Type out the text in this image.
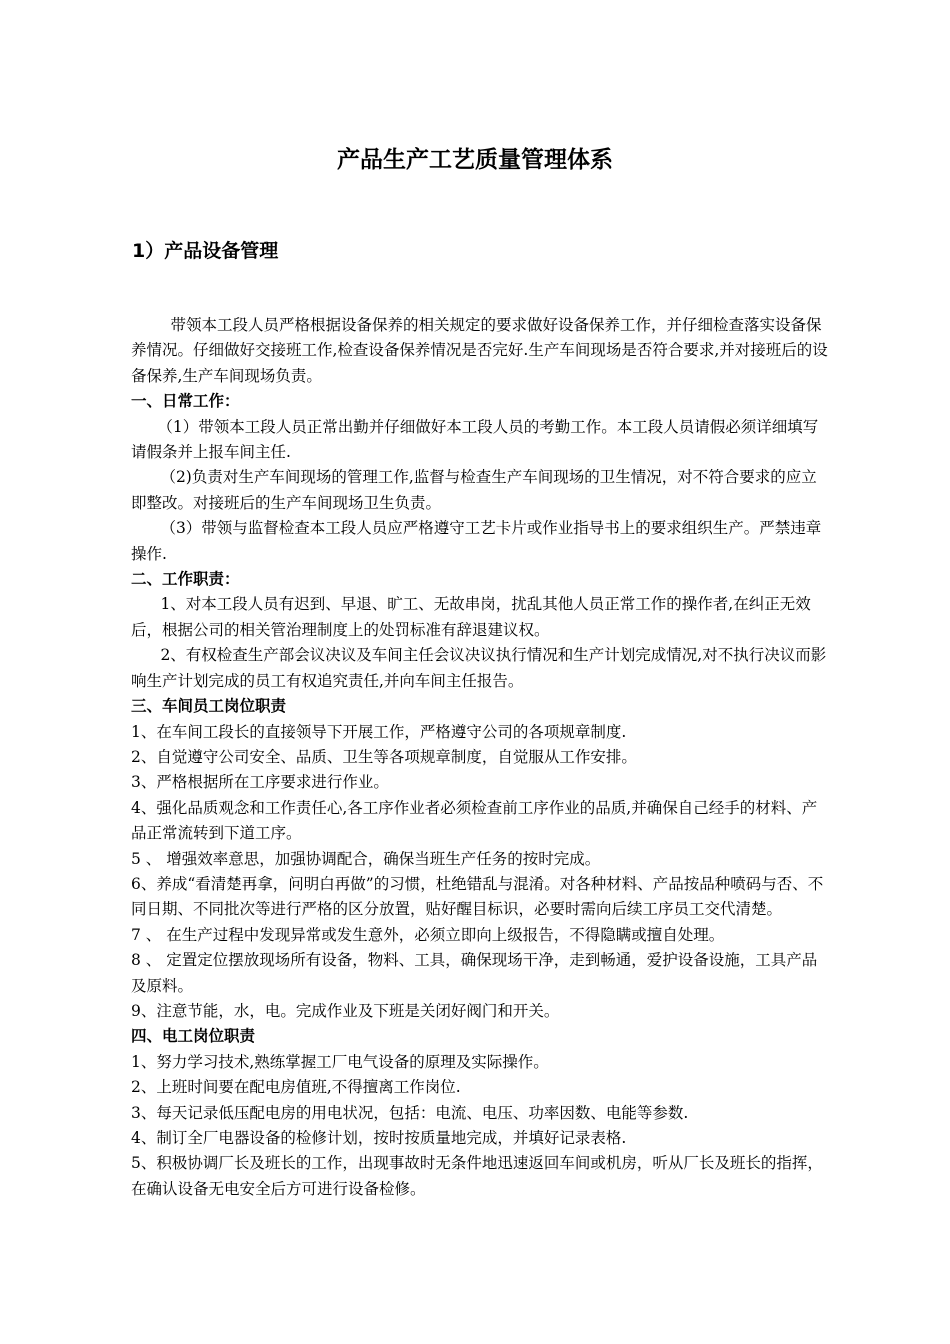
产品生产工艺质量管理体系
1）产品设备管理

带领本工段人员严格根据设备保养的相关规定的要求做好设备保养工作，并仔细检查落实设备保养情况。仔细做好交接班工作,检查设备保养情况是否完好.生产车间现场是否符合要求,并对接班后的设备保养,生产车间现场负责。

一、日常工作：

（1）带领本工段人员正常出勤并仔细做好本工段人员的考勤工作。本工段人员请假必须详细填写请假条并上报车间主任.

（2)负责对生产车间现场的管理工作,监督与检查生产车间现场的卫生情况，对不符合要求的应立即整改。对接班后的生产车间现场卫生负责。

（3）带领与监督检查本工段人员应严格遵守工艺卡片或作业指导书上的要求组织生产。严禁违章操作.

二、工作职责：

1、对本工段人员有迟到、早退、旷工、无故串岗，扰乱其他人员正常工作的操作者,在纠正无效后，根据公司的相关管治理制度上的处罚标准有辞退建议权。

2、有权检查生产部会议决议及车间主任会议决议执行情况和生产计划完成情况,对不执行决议而影响生产计划完成的员工有权追究责任,并向车间主任报告。

三、车间员工岗位职责

1、在车间工段长的直接领导下开展工作，严格遵守公司的各项规章制度.

2、自觉遵守公司安全、品质、卫生等各项规章制度，自觉服从工作安排。

3、严格根据所在工序要求进行作业。

4、强化品质观念和工作责任心,各工序作业者必须检查前工序作业的品质,并确保自己经手的材料、产品正常流转到下道工序。

5 、 增强效率意思，加强协调配合，确保当班生产任务的按时完成。

6、养成“看清楚再拿，问明白再做”的习惯，杜绝错乱与混淆。对各种材料、产品按品种喷码与否、不同日期、不同批次等进行严格的区分放置，贴好醒目标识，必要时需向后续工序员工交代清楚。

7 、 在生产过程中发现异常或发生意外，必须立即向上级报告，不得隐瞒或擅自处理。

8 、 定置定位摆放现场所有设备，物料、工具，确保现场干净，走到畅通，爱护设备设施，工具产品及原料。

9、注意节能，水，电。完成作业及下班是关闭好阀门和开关。

四、电工岗位职责

1、努力学习技术,熟练掌握工厂电气设备的原理及实际操作。

2、上班时间要在配电房值班,不得擅离工作岗位.

3、每天记录低压配电房的用电状况，包括：电流、电压、功率因数、电能等参数.

4、制订全厂电器设备的检修计划，按时按质量地完成，并填好记录表格.

5、积极协调厂长及班长的工作，出现事故时无条件地迅速返回车间或机房，听从厂长及班长的指挥，在确认设备无电安全后方可进行设备检修。
